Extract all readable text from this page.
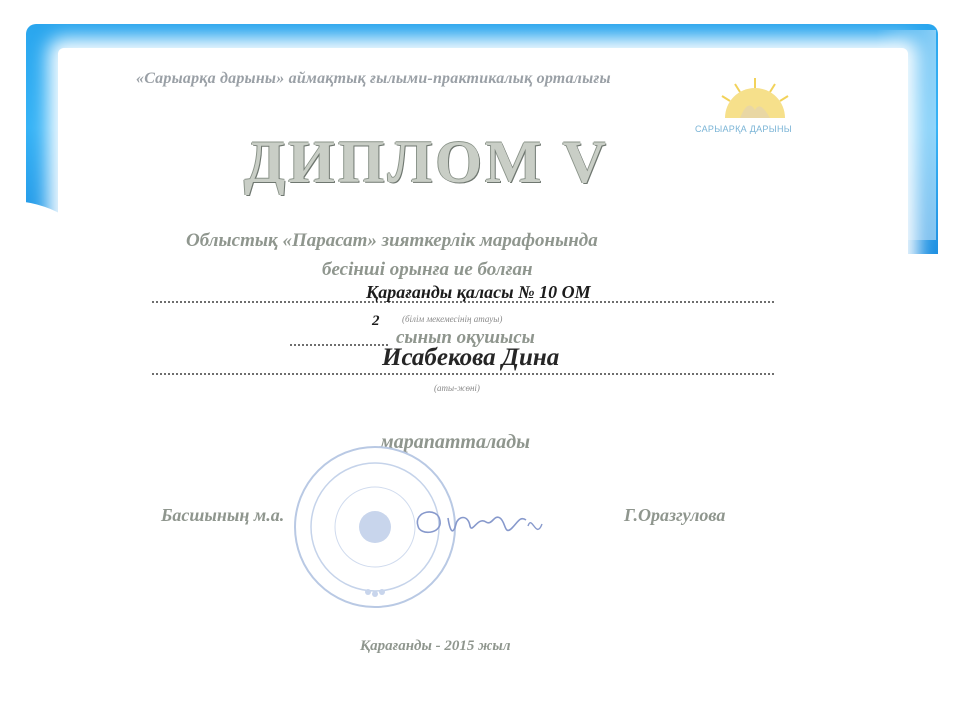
«Сарыарқа дарыны» аймақтық ғылыми-практикалық орталығы
САРЫАРҚА ДАРЫНЫ
ДИПЛОМ V
Облыстық «Парасат» зияткерлік марафонында
бесінші орынға ие болған
Қарағанды қаласы № 10 ОМ
(білім мекемесінің атауы)
2
сынып оқушысы
Исабекова Дина
(аты-жөні)
марапатталады
Басшының м.а.	Г.Оразгулова
Қарағанды - 2015 жыл
